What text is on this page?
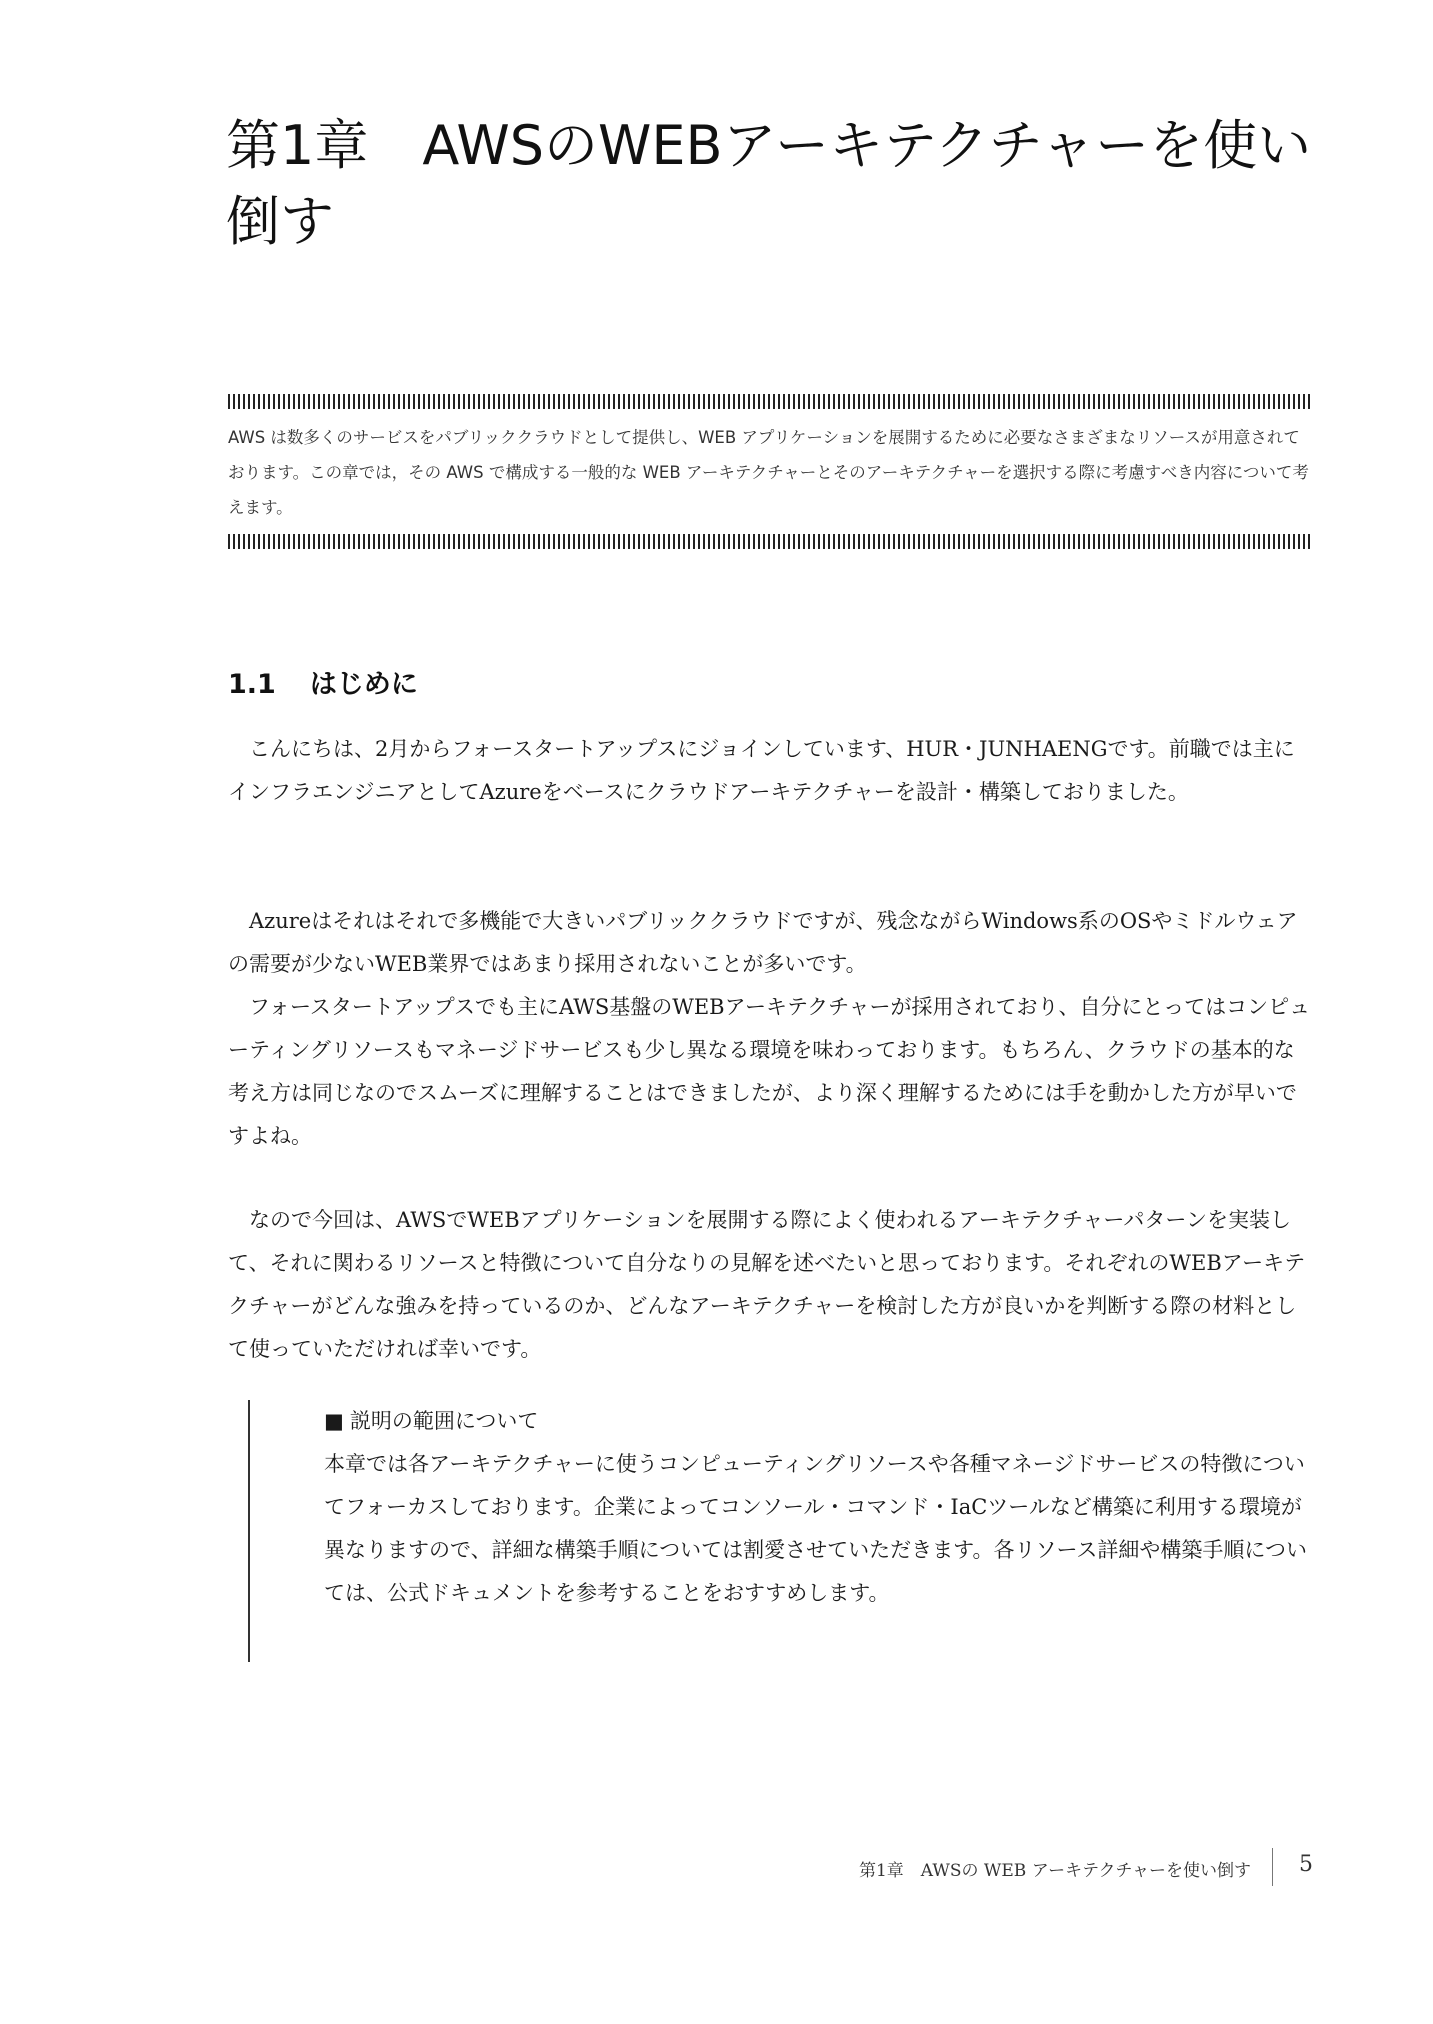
第1章　AWSのWEBアーキテクチャーを使い
倒す

AWS は数多くのサービスをパブリッククラウドとして提供し、WEB アプリケーションを展開するために必要なさまざまなリソースが用意されております。この章では，その AWS で構成する一般的な WEB アーキテクチャーとそのアーキテクチャーを選択する際に考慮すべき内容について考えます。

1.1 はじめに

こんにちは、2月からフォースタートアップスにジョインしています、HUR・JUNHAENGです。前職では主にインフラエンジニアとしてAzureをベースにクラウドアーキテクチャーを設計・構築しておりました。

Azureはそれはそれで多機能で大きいパブリッククラウドですが、残念ながらWindows系のOSやミドルウェアの需要が少ないWEB業界ではあまり採用されないことが多いです。

フォースタートアップスでも主にAWS基盤のWEBアーキテクチャーが採用されており、自分にとってはコンピューティングリソースもマネージドサービスも少し異なる環境を味わっております。もちろん、クラウドの基本的な考え方は同じなのでスムーズに理解することはできましたが、より深く理解するためには手を動かした方が早いですよね。

なので今回は、AWSでWEBアプリケーションを展開する際によく使われるアーキテクチャーパターンを実装して、それに関わるリソースと特徴について自分なりの見解を述べたいと思っております。それぞれのWEBアーキテクチャーがどんな強みを持っているのか、どんなアーキテクチャーを検討した方が良いかを判断する際の材料として使っていただければ幸いです。

■ 説明の範囲について

本章では各アーキテクチャーに使うコンピューティングリソースや各種マネージドサービスの特徴についてフォーカスしております。企業によってコンソール・コマンド・IaCツールなど構築に利用する環境が異なりますので、詳細な構築手順については割愛させていただきます。各リソース詳細や構築手順については、公式ドキュメントを参考することをおすすめします。

第1章　AWSの WEB アーキテクチャーを使い倒す 5
